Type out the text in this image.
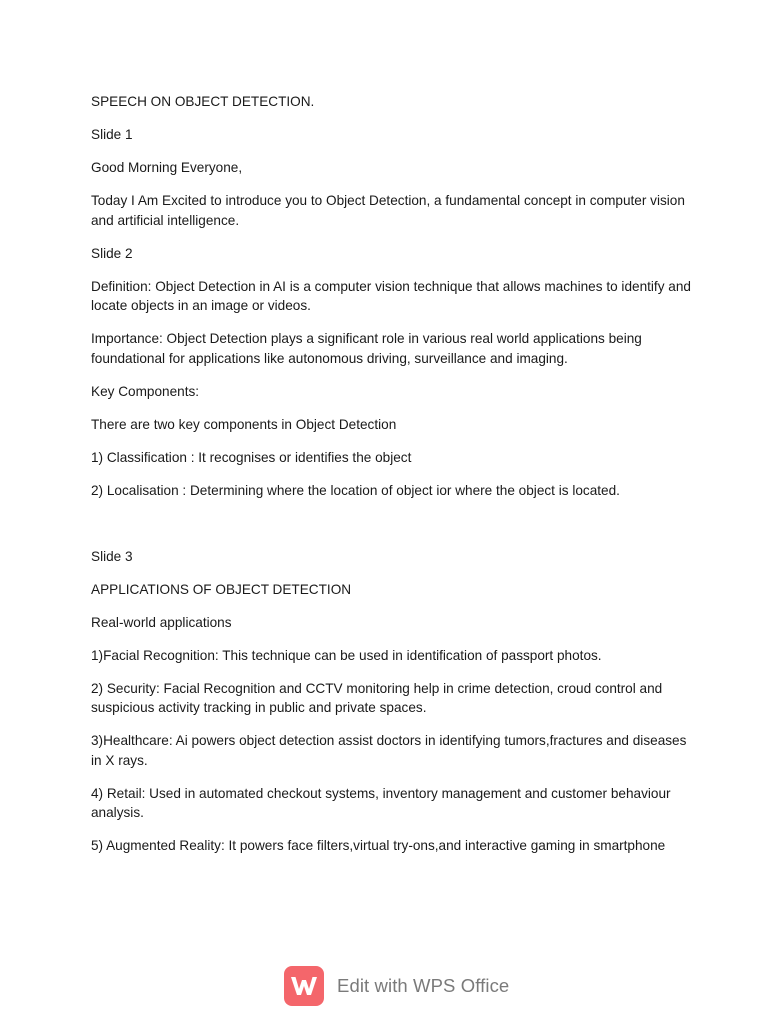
SPEECH ON OBJECT DETECTION.

Slide 1

Good Morning Everyone,

Today I Am Excited to introduce you to Object Detection, a fundamental concept in computer vision and artificial intelligence.

Slide 2

Definition: Object Detection in AI is a computer vision technique that allows machines to identify and locate objects in an image or videos.

Importance: Object Detection plays a significant role in various real world applications being foundational for applications like autonomous driving, surveillance and imaging.

Key Components:

There are two key components in Object Detection

1) Classification : It recognises or identifies the object

2) Localisation : Determining where the location of object ior where the object is located.

Slide 3

APPLICATIONS OF OBJECT DETECTION

Real-world applications

1)Facial Recognition: This technique can be used in identification of passport photos.

2) Security: Facial Recognition and CCTV monitoring help in crime detection, croud control and suspicious activity tracking in public and private spaces.

3)Healthcare: Ai powers object detection assist doctors in identifying tumors,fractures and diseases in X rays.

4) Retail: Used in automated checkout systems, inventory management and customer behaviour analysis.

5) Augmented Reality: It powers face filters,virtual try-ons,and interactive gaming in smartphone

Edit with WPS Office
